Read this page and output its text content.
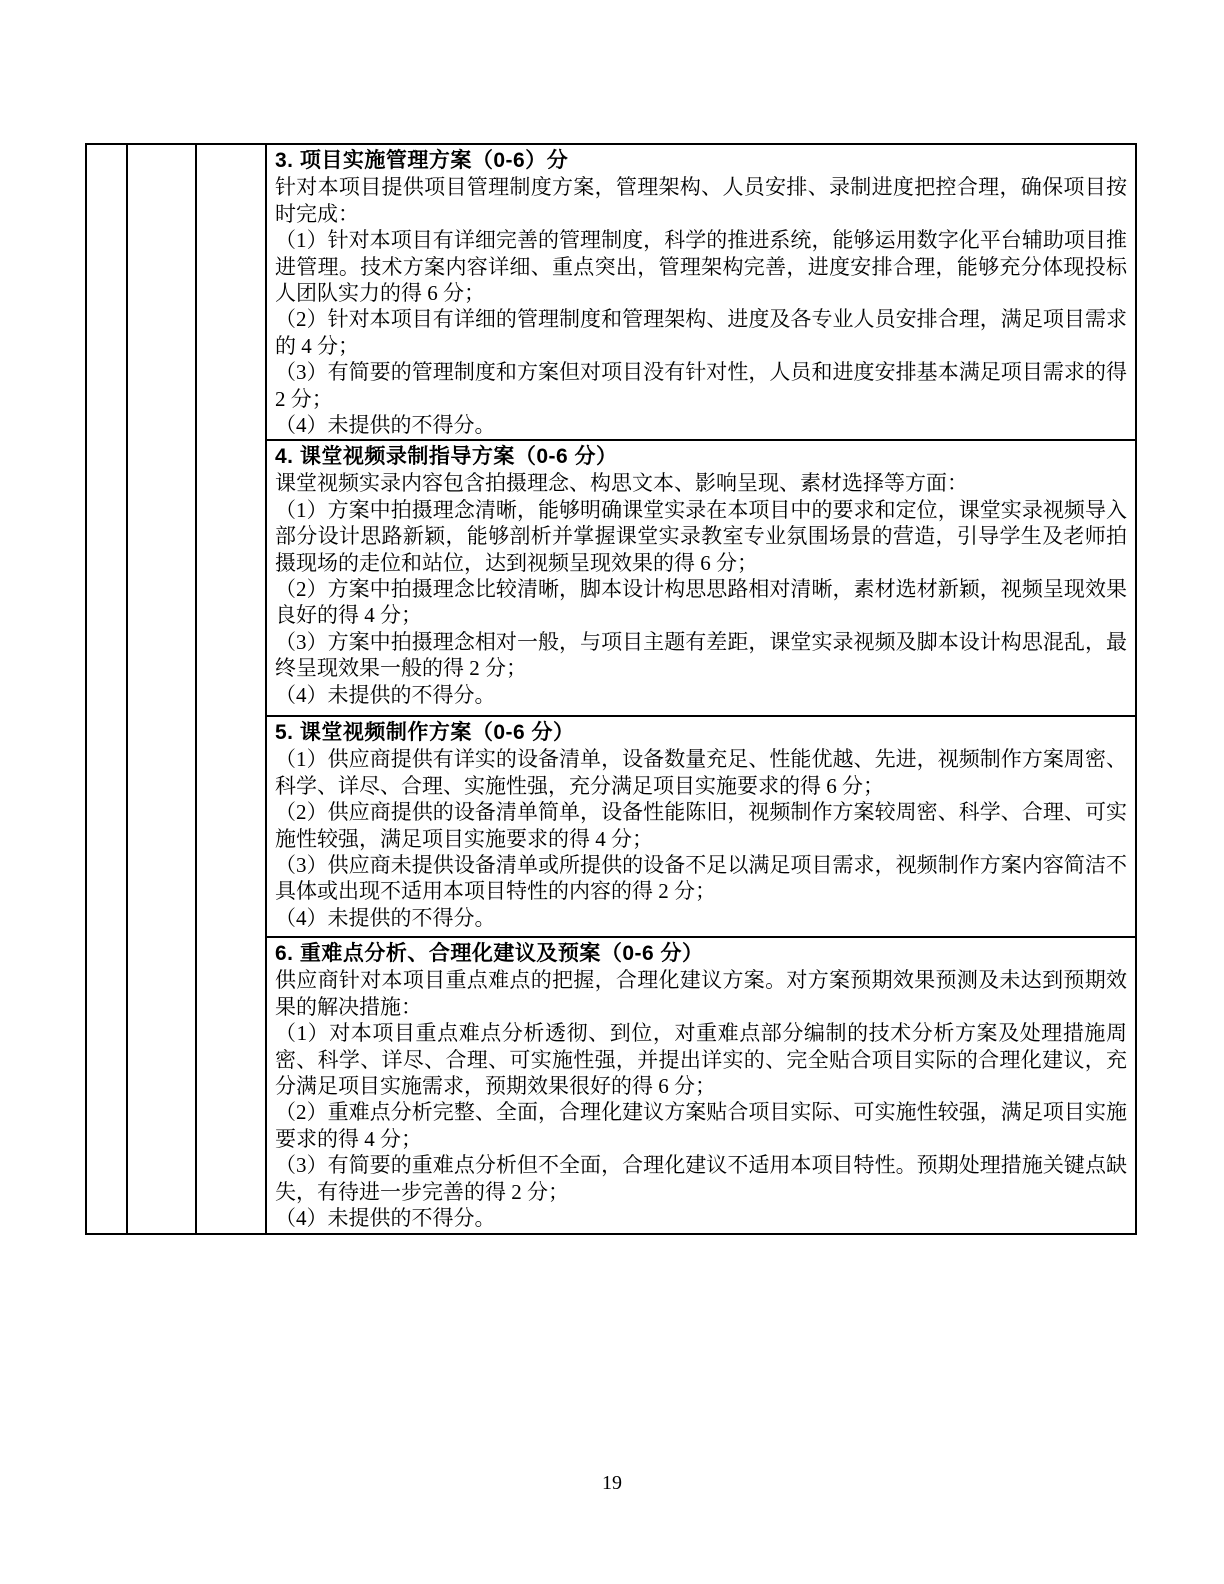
3. 项目实施管理方案（0-6）分

针对本项目提供项目管理制度方案，管理架构、人员安排、录制进度把控合理，确保项目按时完成：

（1）针对本项目有详细完善的管理制度，科学的推进系统，能够运用数字化平台辅助项目推进管理。技术方案内容详细、重点突出，管理架构完善，进度安排合理，能够充分体现投标人团队实力的得 6 分；

（2）针对本项目有详细的管理制度和管理架构、进度及各专业人员安排合理，满足项目需求的 4 分；

（3）有简要的管理制度和方案但对项目没有针对性，人员和进度安排基本满足项目需求的得 2 分；

（4）未提供的不得分。

4. 课堂视频录制指导方案（0-6 分）

课堂视频实录内容包含拍摄理念、构思文本、影响呈现、素材选择等方面：

（1）方案中拍摄理念清晰，能够明确课堂实录在本项目中的要求和定位，课堂实录视频导入部分设计思路新颖，能够剖析并掌握课堂实录教室专业氛围场景的营造，引导学生及老师拍摄现场的走位和站位，达到视频呈现效果的得 6 分；

（2）方案中拍摄理念比较清晰，脚本设计构思思路相对清晰，素材选材新颖，视频呈现效果良好的得 4 分；

（3）方案中拍摄理念相对一般，与项目主题有差距，课堂实录视频及脚本设计构思混乱，最终呈现效果一般的得 2 分；

（4）未提供的不得分。

5. 课堂视频制作方案（0-6 分）

（1）供应商提供有详实的设备清单，设备数量充足、性能优越、先进，视频制作方案周密、科学、详尽、合理、实施性强，充分满足项目实施要求的得 6 分；

（2）供应商提供的设备清单简单，设备性能陈旧，视频制作方案较周密、科学、合理、可实施性较强，满足项目实施要求的得 4 分；

（3）供应商未提供设备清单或所提供的设备不足以满足项目需求，视频制作方案内容简洁不具体或出现不适用本项目特性的内容的得 2 分；

（4）未提供的不得分。

6. 重难点分析、合理化建议及预案（0-6 分）

供应商针对本项目重点难点的把握，合理化建议方案。对方案预期效果预测及未达到预期效果的解决措施：

（1）对本项目重点难点分析透彻、到位，对重难点部分编制的技术分析方案及处理措施周密、科学、详尽、合理、可实施性强，并提出详实的、完全贴合项目实际的合理化建议，充分满足项目实施需求，预期效果很好的得 6 分；

（2）重难点分析完整、全面，合理化建议方案贴合项目实际、可实施性较强，满足项目实施要求的得 4 分；

（3）有简要的重难点分析但不全面，合理化建议不适用本项目特性。预期处理措施关键点缺失，有待进一步完善的得 2 分；

（4）未提供的不得分。

19
